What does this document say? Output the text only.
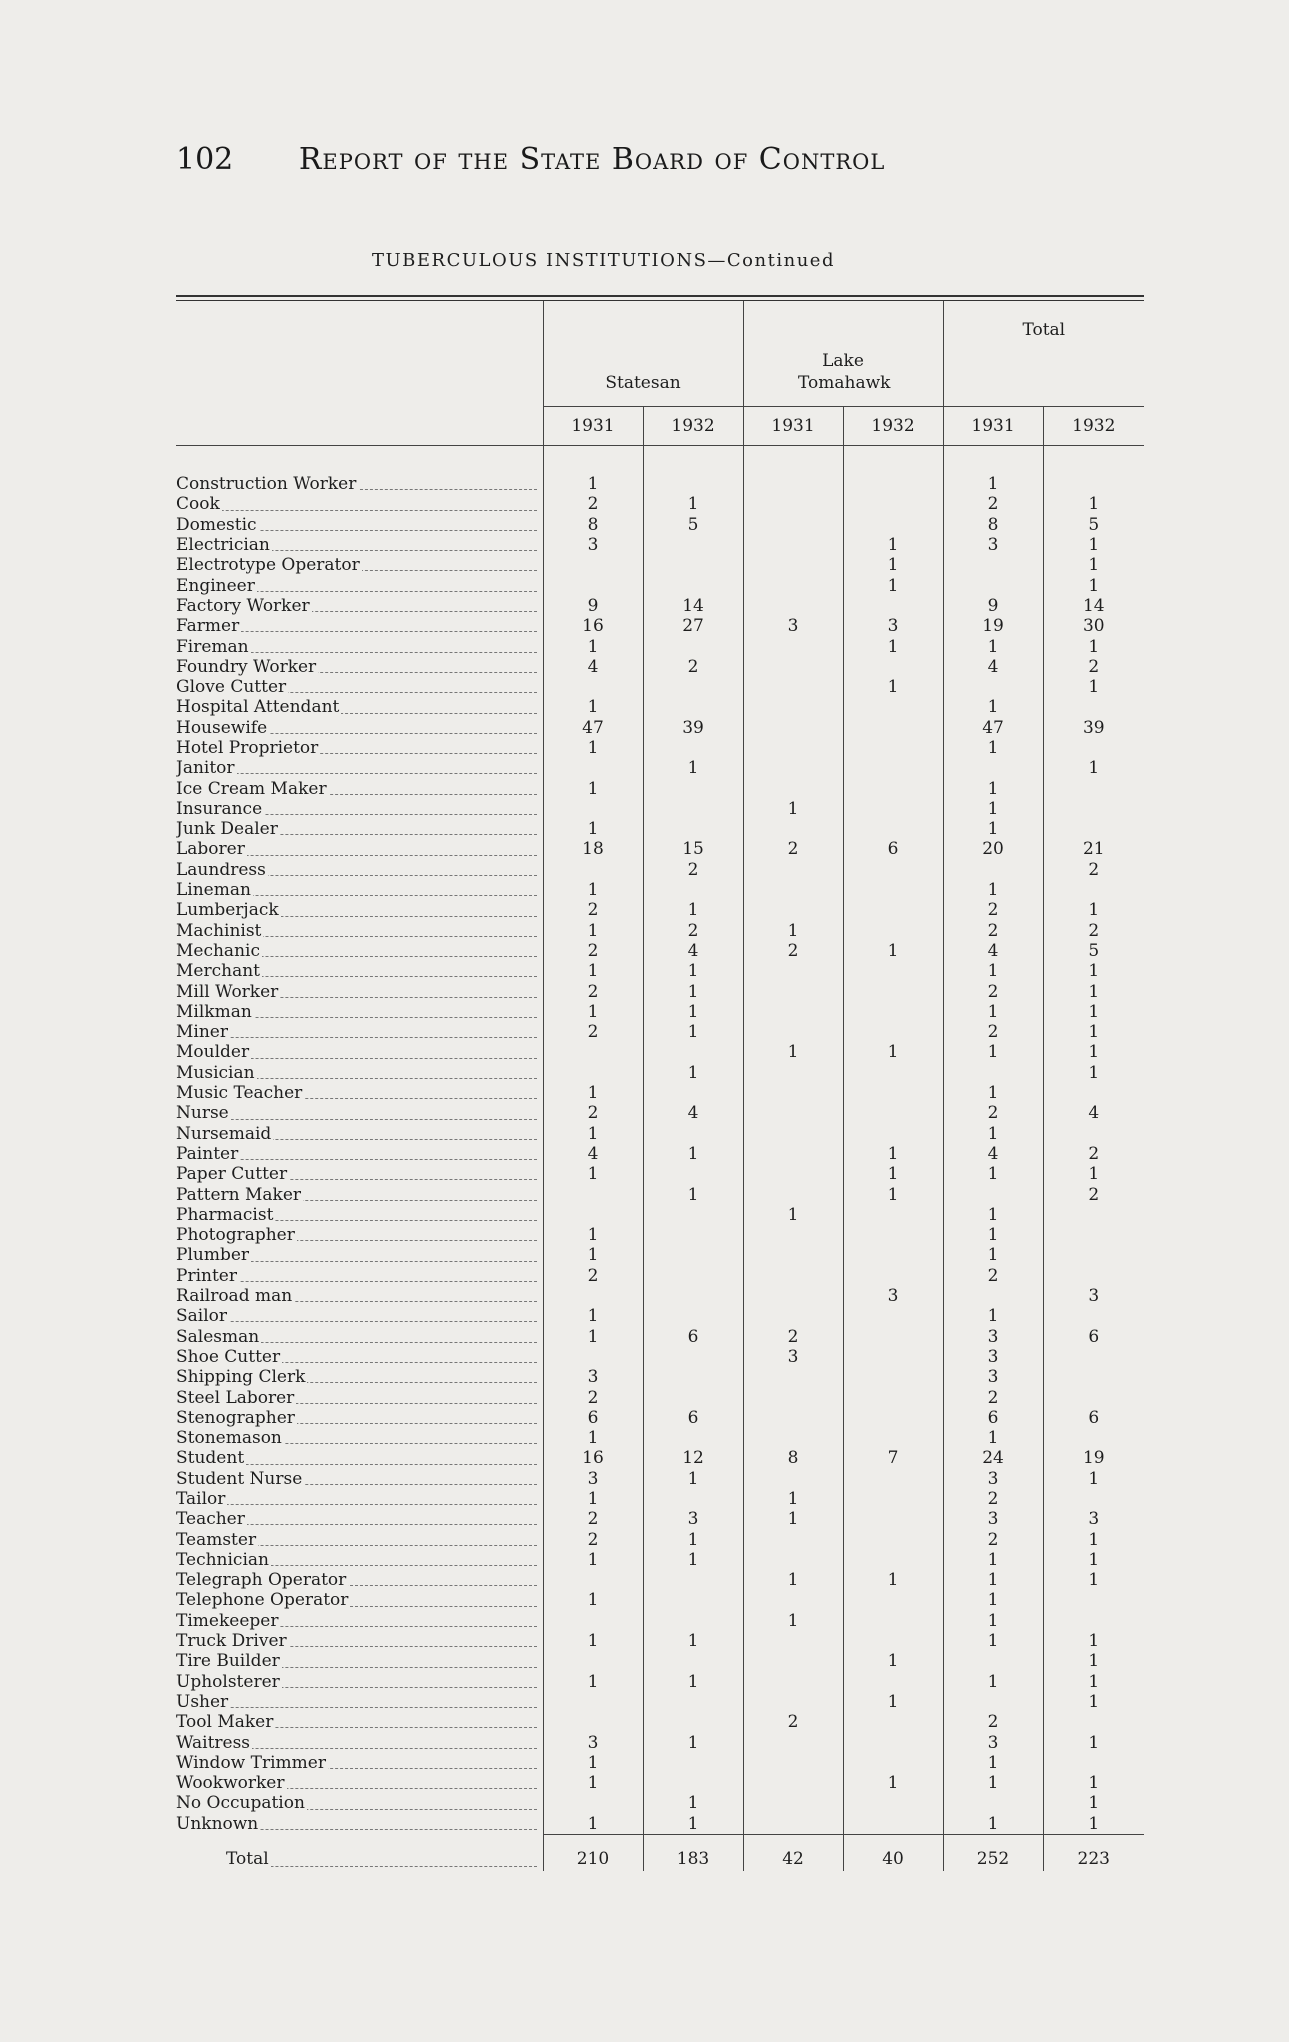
102 Report of the State Board of Control
TUBERCULOUS INSTITUTIONS—Continued
	Statesan		Lake Tomahawk		Total	
	1931	1932	1931	1932	1931	1932

Construction Worker	1				1	
Cook	2	1			2	1
Domestic	8	5			8	5
Electrician	3			1	3	1
Electrotype Operator				1		1
Engineer				1		1
Factory Worker	9	14			9	14
Farmer	16	27	3	3	19	30
Fireman	1			1	1	1
Foundry Worker	4	2			4	2
Glove Cutter				1		1
Hospital Attendant	1				1	
Housewife	47	39			47	39
Hotel Proprietor	1				1	
Janitor		1				1
Ice Cream Maker	1				1	
Insurance			1		1	
Junk Dealer	1				1	
Laborer	18	15	2	6	20	21
Laundress		2				2
Lineman	1				1	
Lumberjack	2	1			2	1
Machinist	1	2	1		2	2
Mechanic	2	4	2	1	4	5
Merchant	1	1			1	1
Mill Worker	2	1			2	1
Milkman	1	1			1	1
Miner	2	1			2	1
Moulder			1	1	1	1
Musician		1				1
Music Teacher	1				1	
Nurse	2	4			2	4
Nursemaid	1				1	
Painter	4	1		1	4	2
Paper Cutter	1			1	1	1
Pattern Maker		1		1		2
Pharmacist			1		1	
Photographer	1				1	
Plumber	1				1	
Printer	2				2	
Railroad man				3		3
Sailor	1				1	
Salesman	1	6	2		3	6
Shoe Cutter			3		3	
Shipping Clerk	3				3	
Steel Laborer	2				2	
Stenographer	6	6			6	6
Stonemason	1				1	
Student	16	12	8	7	24	19
Student Nurse	3	1			3	1
Tailor	1		1		2	
Teacher	2	3	1		3	3
Teamster	2	1			2	1
Technician	1	1			1	1
Telegraph Operator			1	1	1	1
Telephone Operator	1				1	
Timekeeper			1		1	
Truck Driver	1	1			1	1
Tire Builder				1		1
Upholsterer	1	1			1	1
Usher				1		1
Tool Maker			2		2	
Waitress	3	1			3	1
Window Trimmer	1				1	
Wookworker	1			1	1	1
No Occupation		1				1
Unknown	1	1			1	1
Total	210	183	42	40	252	223
